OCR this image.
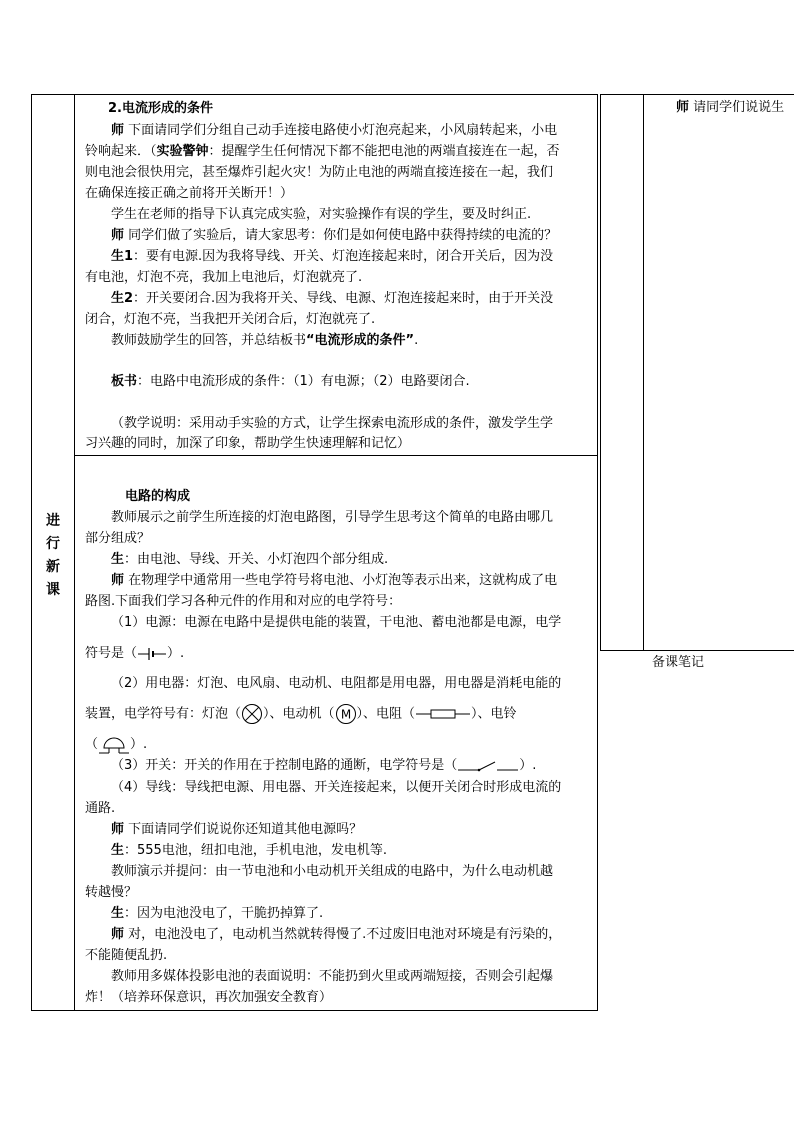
进
行
新
课
师 请同学们说说生
备课笔记
2.电流形成的条件
师 下面请同学们分组自己动手连接电路使小灯泡亮起来，小风扇转起来，小电
铃响起来．（实验警钟：提醒学生任何情况下都不能把电池的两端直接连在一起，否
则电池会很快用完，甚至爆炸引起火灾！为防止电池的两端直接连接在一起，我们
在确保连接正确之前将开关断开！）
学生在老师的指导下认真完成实验，对实验操作有误的学生，要及时纠正.
师 同学们做了实验后，请大家思考：你们是如何使电路中获得持续的电流的？
生1：要有电源.因为我将导线、开关、灯泡连接起来时，闭合开关后，因为没
有电池，灯泡不亮，我加上电池后，灯泡就亮了.
生2：开关要闭合.因为我将开关、导线、电源、灯泡连接起来时，由于开关没
闭合，灯泡不亮，当我把开关闭合后，灯泡就亮了.
教师鼓励学生的回答，并总结板书“电流形成的条件”.
板书：电路中电流形成的条件：（1）有电源；（2）电路要闭合.
（教学说明：采用动手实验的方式，让学生探索电流形成的条件，激发学生学
习兴趣的同时，加深了印象，帮助学生快速理解和记忆）
电路的构成
教师展示之前学生所连接的灯泡电路图，引导学生思考这个简单的电路由哪几
部分组成？
生：由电池、导线、开关、小灯泡四个部分组成.
师 在物理学中通常用一些电学符号将电池、小灯泡等表示出来，这就构成了电
路图.下面我们学习各种元件的作用和对应的电学符号：
（1）电源：电源在电路中是提供电能的装置，干电池、蓄电池都是电源，电学
符号是（ ）.
（2）用电器：灯泡、电风扇、电动机、电阻都是用电器，用电器是消耗电能的
装置，电学符号有：灯泡（ ）、电动机（ M ）、电阻（	）、电铃
（ ）.
（3）开关：开关的作用在于控制电路的通断，电学符号是（	）.
（4）导线：导线把电源、用电器、开关连接起来，以便开关闭合时形成电流的
通路.
师 下面请同学们说说你还知道其他电源吗？
生：555电池，纽扣电池，手机电池，发电机等.
教师演示并提问：由一节电池和小电动机开关组成的电路中，为什么电动机越
转越慢？
生：因为电池没电了，干脆扔掉算了.
师 对，电池没电了，电动机当然就转得慢了.不过废旧电池对环境是有污染的，
不能随便乱扔.
教师用多媒体投影电池的表面说明：不能扔到火里或两端短接，否则会引起爆
炸！（培养环保意识，再次加强安全教育）
